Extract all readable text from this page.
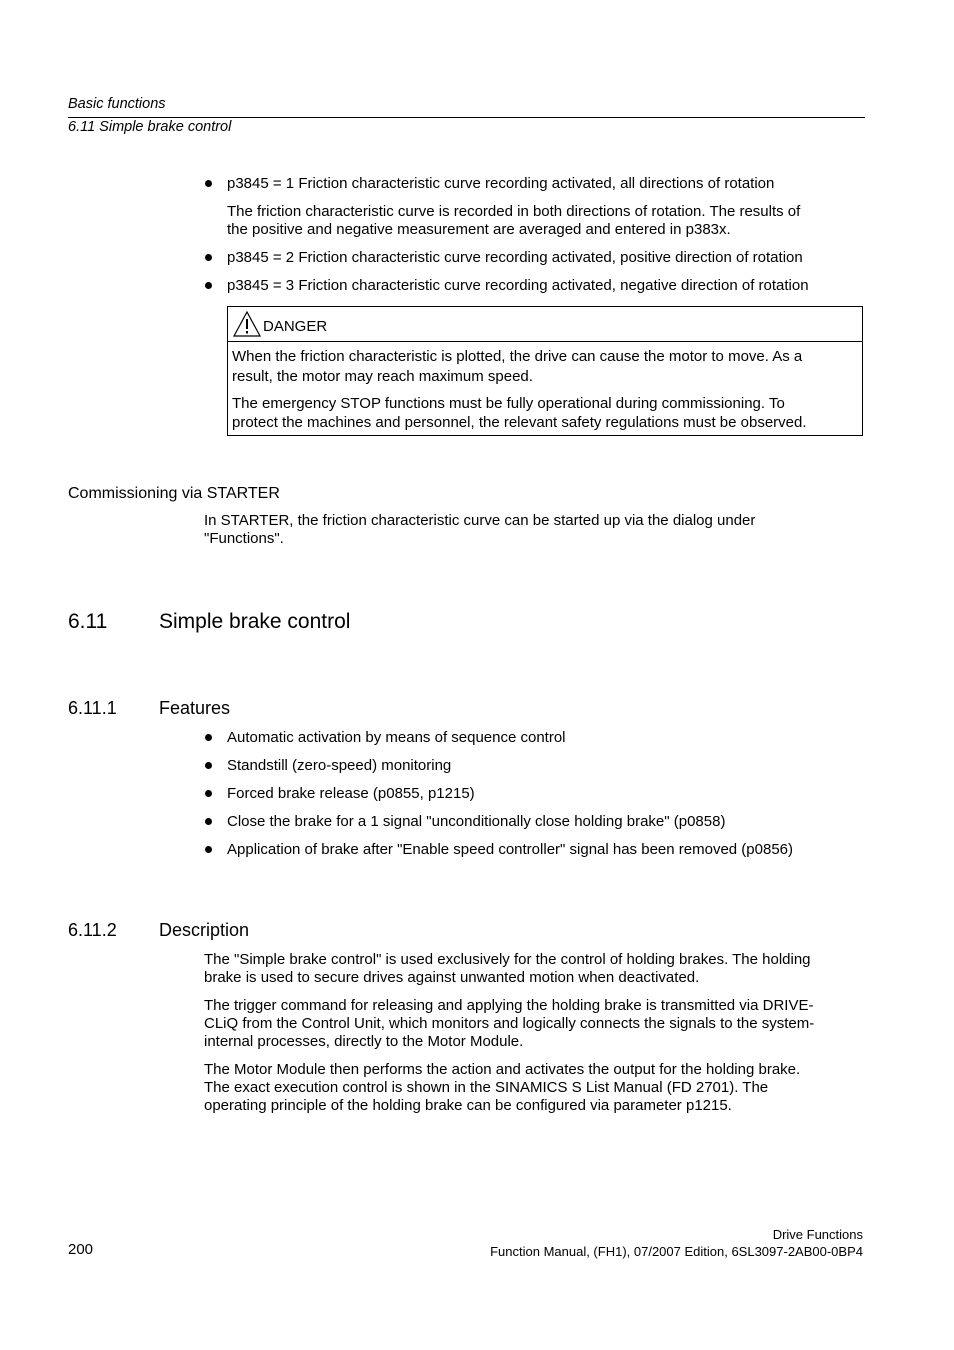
Basic functions
6.11 Simple brake control
p3845 = 1 Friction characteristic curve recording activated, all directions of rotation
The friction characteristic curve is recorded in both directions of rotation. The results of
the positive and negative measurement are averaged and entered in p383x.
p3845 = 2 Friction characteristic curve recording activated, positive direction of rotation
p3845 = 3 Friction characteristic curve recording activated, negative direction of rotation
DANGER
When the friction characteristic is plotted, the drive can cause the motor to move. As a
result, the motor may reach maximum speed.
The emergency STOP functions must be fully operational during commissioning. To
protect the machines and personnel, the relevant safety regulations must be observed.
Commissioning via STARTER
In STARTER, the friction characteristic curve can be started up via the dialog under
"Functions".
6.11 Simple brake control
6.11.1 Features
Automatic activation by means of sequence control
Standstill (zero-speed) monitoring
Forced brake release (p0855, p1215)
Close the brake for a 1 signal "unconditionally close holding brake" (p0858)
Application of brake after "Enable speed controller" signal has been removed (p0856)
6.11.2 Description
The "Simple brake control" is used exclusively for the control of holding brakes. The holding
brake is used to secure drives against unwanted motion when deactivated.
The trigger command for releasing and applying the holding brake is transmitted via DRIVE-
CLiQ from the Control Unit, which monitors and logically connects the signals to the system-
internal processes, directly to the Motor Module.
The Motor Module then performs the action and activates the output for the holding brake.
The exact execution control is shown in the SINAMICS S List Manual (FD 2701). The
operating principle of the holding brake can be configured via parameter p1215.
200
Drive Functions
Function Manual, (FH1), 07/2007 Edition, 6SL3097-2AB00-0BP4
